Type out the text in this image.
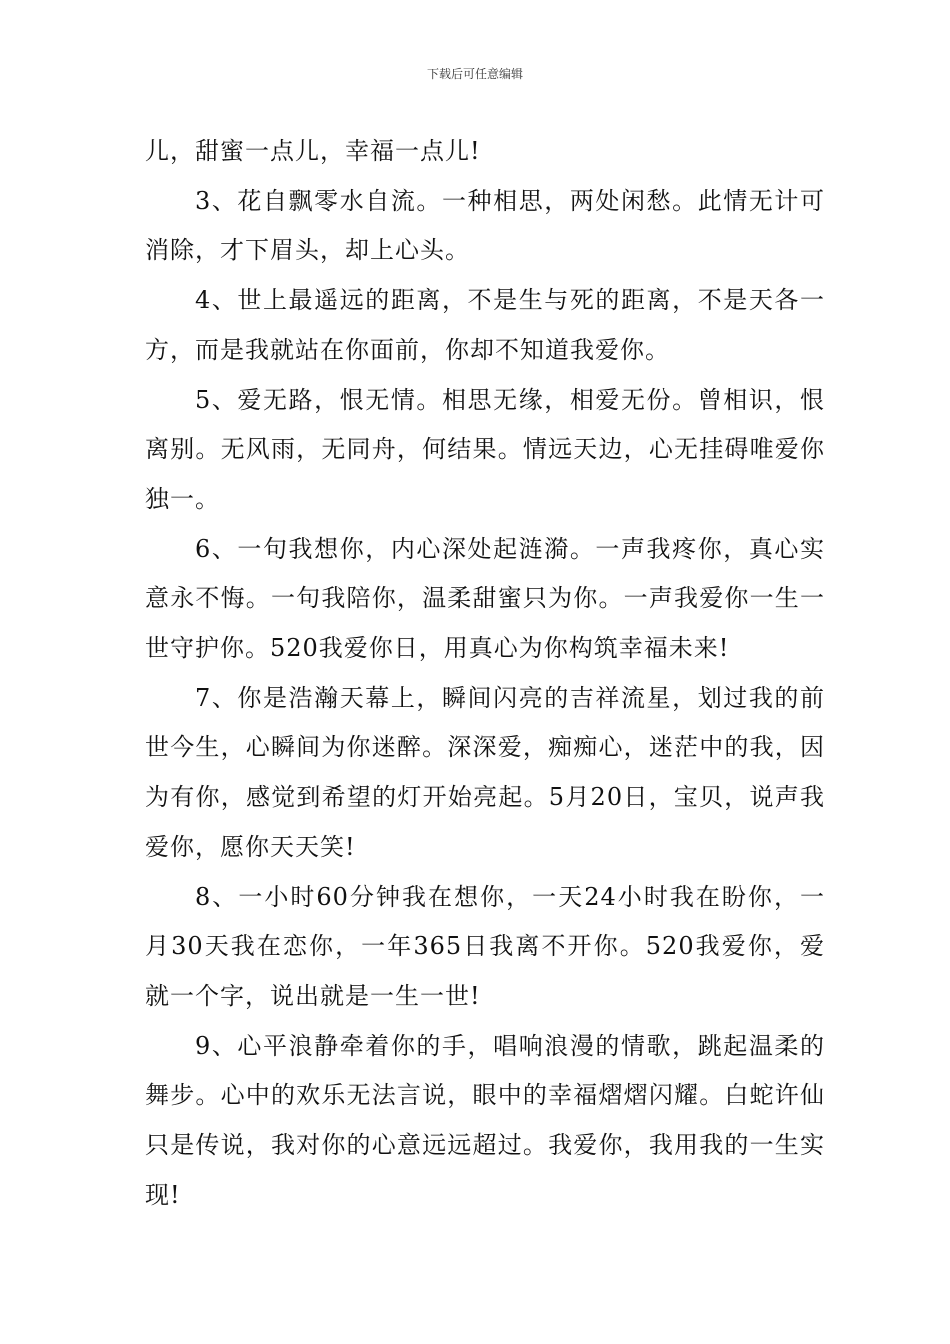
下载后可任意编辑

儿，甜蜜一点儿，幸福一点儿!

3、花自飘零水自流。一种相思，两处闲愁。此情无计可消除，才下眉头，却上心头。

4、世上最遥远的距离，不是生与死的距离，不是天各一方，而是我就站在你面前，你却不知道我爱你。

5、爱无路，恨无情。相思无缘，相爱无份。曾相识，恨离别。无风雨，无同舟，何结果。情远天边，心无挂碍唯爱你独一。

6、一句我想你，内心深处起涟漪。一声我疼你，真心实意永不悔。一句我陪你，温柔甜蜜只为你。一声我爱你一生一世守护你。520我爱你日，用真心为你构筑幸福未来!

7、你是浩瀚天幕上，瞬间闪亮的吉祥流星，划过我的前世今生，心瞬间为你迷醉。深深爱，痴痴心，迷茫中的我，因为有你，感觉到希望的灯开始亮起。5月20日，宝贝，说声我爱你，愿你天天笑!

8、一小时60分钟我在想你，一天24小时我在盼你，一月30天我在恋你，一年365日我离不开你。520我爱你，爱就一个字，说出就是一生一世!

9、心平浪静牵着你的手，唱响浪漫的情歌，跳起温柔的舞步。心中的欢乐无法言说，眼中的幸福熠熠闪耀。白蛇许仙只是传说，我对你的心意远远超过。我爱你，我用我的一生实现!
